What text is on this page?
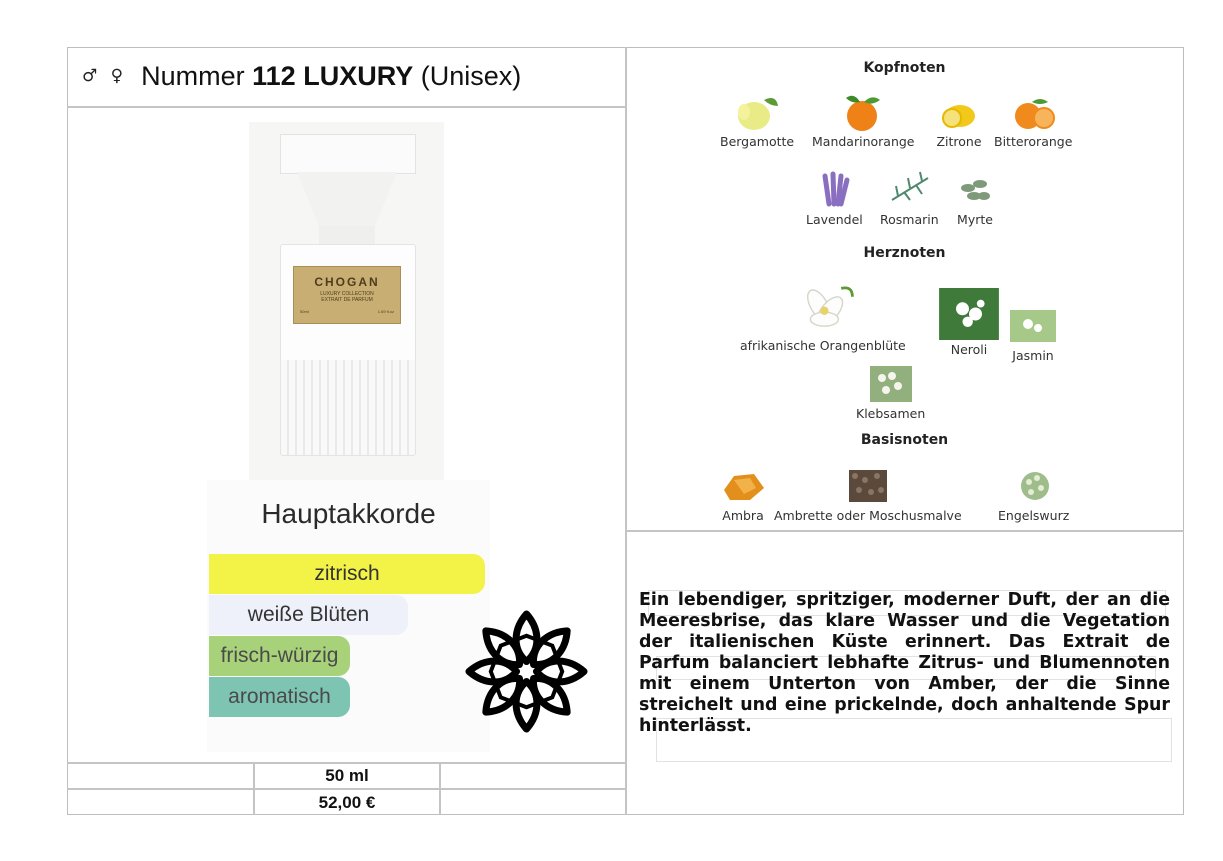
♂ ♀ Nummer 112 LUXURY (Unisex)
CHOGAN
LUXURY COLLECTION
EXTRAIT DE PARFUM
50ml	1.69 fl.oz
Hauptakkorde
zitrisch
weiße Blüten
frisch-würzig
aromatisch
50 ml
52,00 €
Kopfnoten
Bergamotte Mandarinorange Zitrone Bitterorange
Lavendel Rosmarin Myrte
Herznoten
afrikanische Orangenblüte	Neroli Jasmin
Klebsamen
Basisnoten
Ambra Ambrette oder Moschusmalve	Engelswurz
Ein lebendiger, spritziger, moderner Duft, der an die Meeresbrise, das klare Wasser und die Vegetation der italienischen Küste erinnert. Das Extrait de Parfum balanciert lebhafte Zitrus- und Blumennoten mit einem Unterton von Amber, der die Sinne streichelt und eine prickelnde, doch anhaltende Spur hinterlässt.
